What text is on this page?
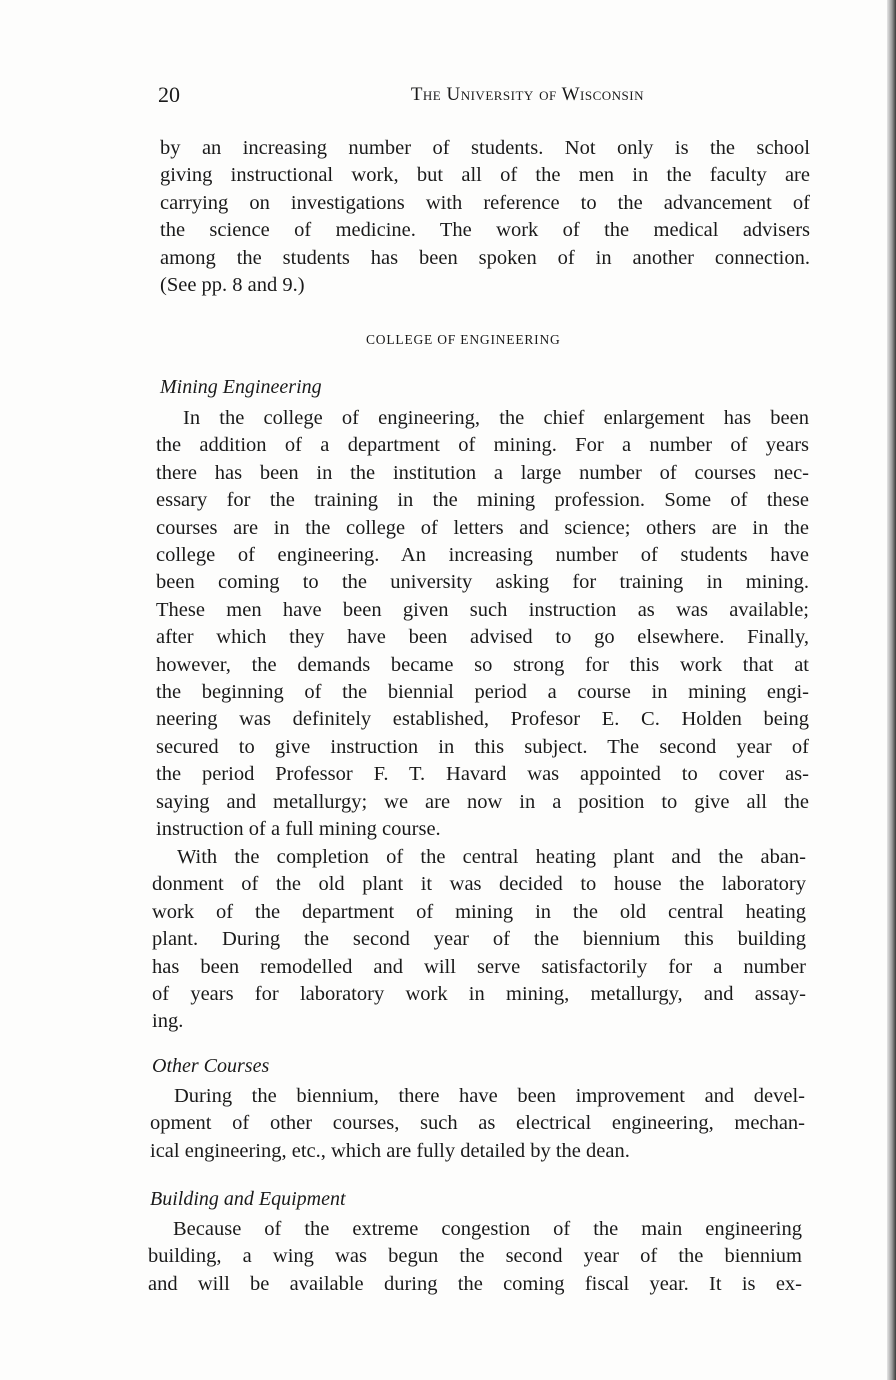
20	The University of Wisconsin
by an increasing number of students. Not only is the school
giving instructional work, but all of the men in the faculty are
carrying on investigations with reference to the advancement of
the science of medicine. The work of the medical advisers
among the students has been spoken of in another connection.
(See pp. 8 and 9.)
COLLEGE OF ENGINEERING
Mining Engineering
In the college of engineering, the chief enlargement has been
the addition of a department of mining. For a number of years
there has been in the institution a large number of courses nec-
essary for the training in the mining profession. Some of these
courses are in the college of letters and science; others are in the
college of engineering. An increasing number of students have
been coming to the university asking for training in mining.
These men have been given such instruction as was available;
after which they have been advised to go elsewhere. Finally,
however, the demands became so strong for this work that at
the beginning of the biennial period a course in mining engi-
neering was definitely established, Profesor E. C. Holden being
secured to give instruction in this subject. The second year of
the period Professor F. T. Havard was appointed to cover as-
saying and metallurgy; we are now in a position to give all the
instruction of a full mining course.
With the completion of the central heating plant and the aban-
donment of the old plant it was decided to house the laboratory
work of the department of mining in the old central heating
plant. During the second year of the biennium this building
has been remodelled and will serve satisfactorily for a number
of years for laboratory work in mining, metallurgy, and assay-
ing.
Other Courses
During the biennium, there have been improvement and devel-
opment of other courses, such as electrical engineering, mechan-
ical engineering, etc., which are fully detailed by the dean.
Building and Equipment
Because of the extreme congestion of the main engineering
building, a wing was begun the second year of the biennium
and will be available during the coming fiscal year. It is ex-
